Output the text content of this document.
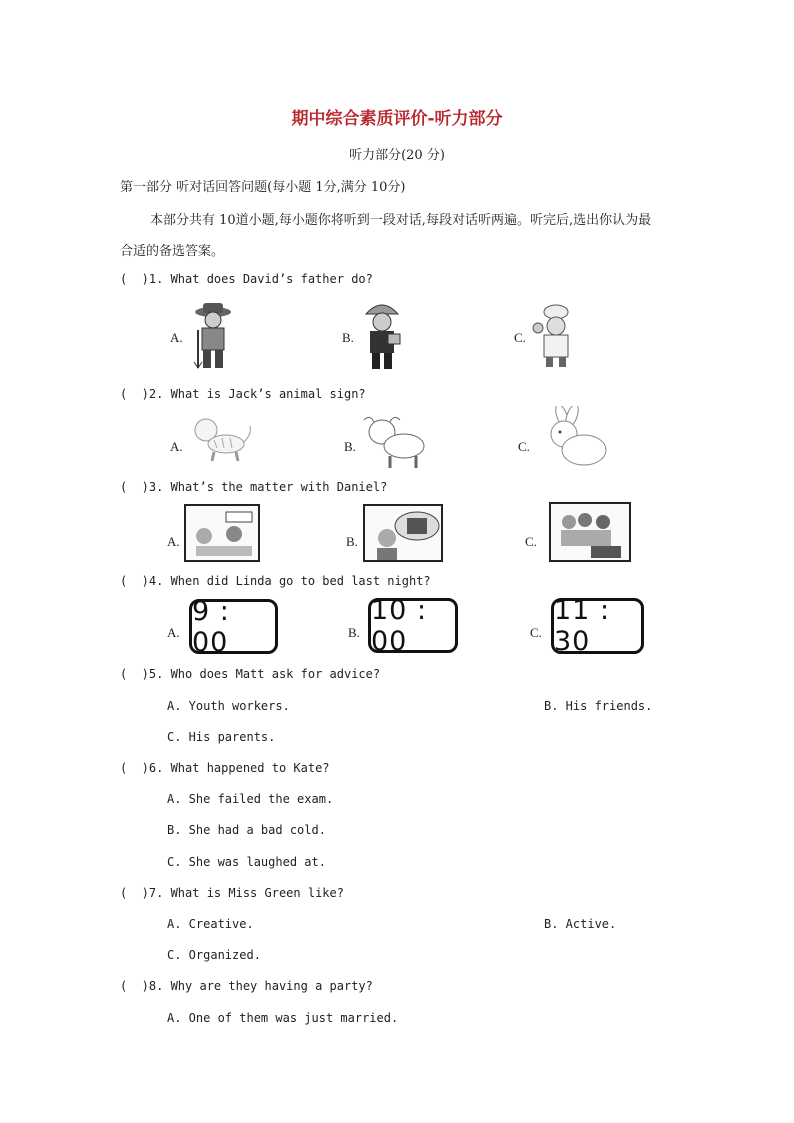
期中综合素质评价-听力部分
听力部分(20 分)
第一部分 听对话回答问题(每小题 1分,满分 10分)
本部分共有 10道小题,每小题你将听到一段对话,每段对话听两遍。听完后,选出你认为最合适的备选答案。
(  )1. What does David’s father do?
A.	B.	C.
(  )2. What is Jack’s animal sign?
A.	B.	C.
(  )3. What’s the matter with Daniel?
A.	B.	C.
(  )4. When did Linda go to bed last night?
A.
9 : 00	B.
10 : 00	C.
11 : 30
(  )5. Who does Matt ask for advice?
A. Youth workers.	B. His friends.
C. His parents.
(  )6. What happened to Kate?
A. She failed the exam.
B. She had a bad cold.
C. She was laughed at.
(  )7. What is Miss Green like?
A. Creative.	B. Active.
C. Organized.
(  )8. Why are they having a party?
A. One of them was just married.
